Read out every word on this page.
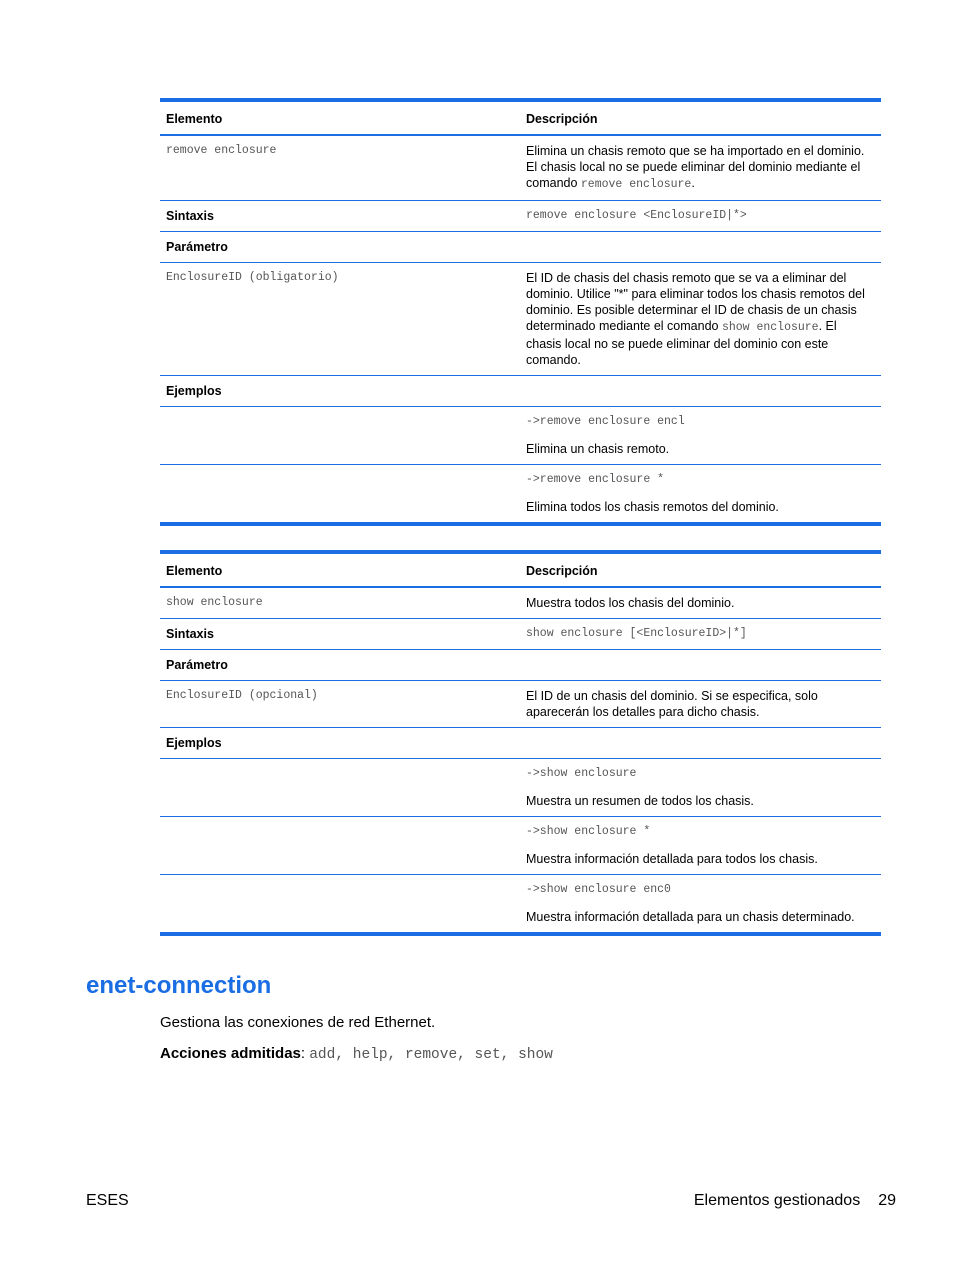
Elemento	Descripción
remove enclosure	Elimina un chasis remoto que se ha importado en el dominio. El chasis local no se puede eliminar del dominio mediante el comando remove enclosure.
Sintaxis	remove enclosure <EnclosureID|*>
Parámetro	
EnclosureID (obligatorio)	El ID de chasis del chasis remoto que se va a eliminar del dominio. Utilice "*" para eliminar todos los chasis remotos del dominio. Es posible determinar el ID de chasis de un chasis determinado mediante el comando show enclosure. El chasis local no se puede eliminar del dominio con este comando.
Ejemplos	

	->remove enclosure encl
Elimina un chasis remoto.

	->remove enclosure *
Elimina todos los chasis remotos del dominio.
Elemento	Descripción
show enclosure	Muestra todos los chasis del dominio.
Sintaxis	show enclosure [<EnclosureID>|*]
Parámetro	
EnclosureID (opcional)	El ID de un chasis del dominio. Si se especifica, solo aparecerán los detalles para dicho chasis.
Ejemplos	

	->show enclosure
Muestra un resumen de todos los chasis.

	->show enclosure *
Muestra información detallada para todos los chasis.

	->show enclosure enc0
Muestra información detallada para un chasis determinado.
enet-connection

Gestiona las conexiones de red Ethernet.

Acciones admitidas: add, help, remove, set, show

ESES	Elementos gestionados 29
